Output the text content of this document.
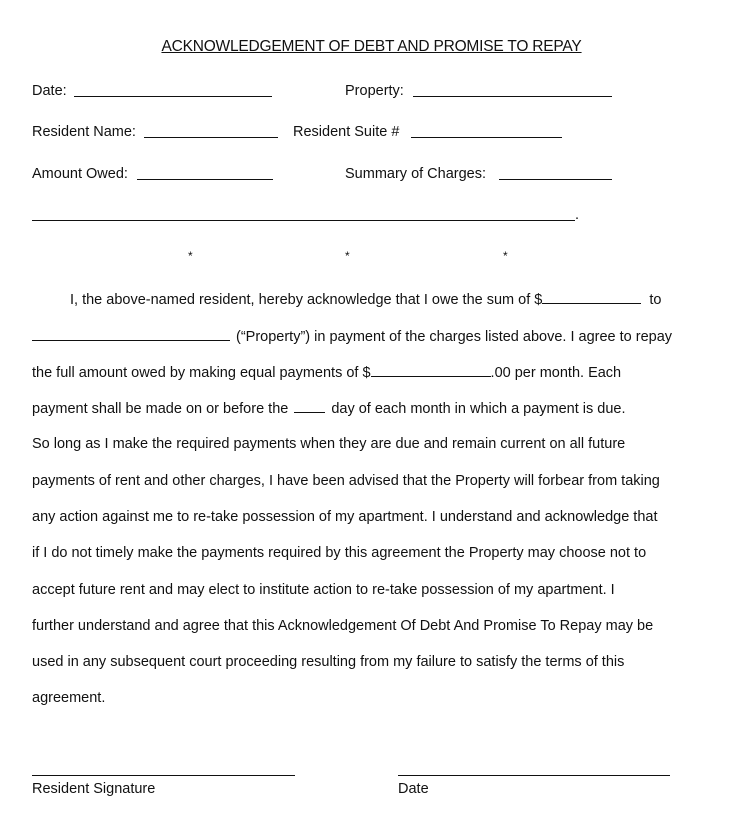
ACKNOWLEDGEMENT OF DEBT AND PROMISE TO REPAY
Date:	Property:
Resident Name:	Resident Suite #
Amount Owed:	Summary of Charges:
.
*	*	*
I, the above-named resident, hereby acknowledge that I owe the sum of $	to
(“Property”) in payment of the charges listed above. I agree to repay
the full amount owed by making equal payments of $	.00 per month. Each
payment shall be made on or before the	day of each month in which a payment is due.
So long as I make the required payments when they are due and remain current on all future
payments of rent and other charges, I have been advised that the Property will forbear from taking
any action against me to re-take possession of my apartment. I understand and acknowledge that
if I do not timely make the payments required by this agreement the Property may choose not to
accept future rent and may elect to institute action to re-take possession of my apartment. I
further understand and agree that this Acknowledgement Of Debt And Promise To Repay may be
used in any subsequent court proceeding resulting from my failure to satisfy the terms of this
agreement.
Resident Signature	Date
